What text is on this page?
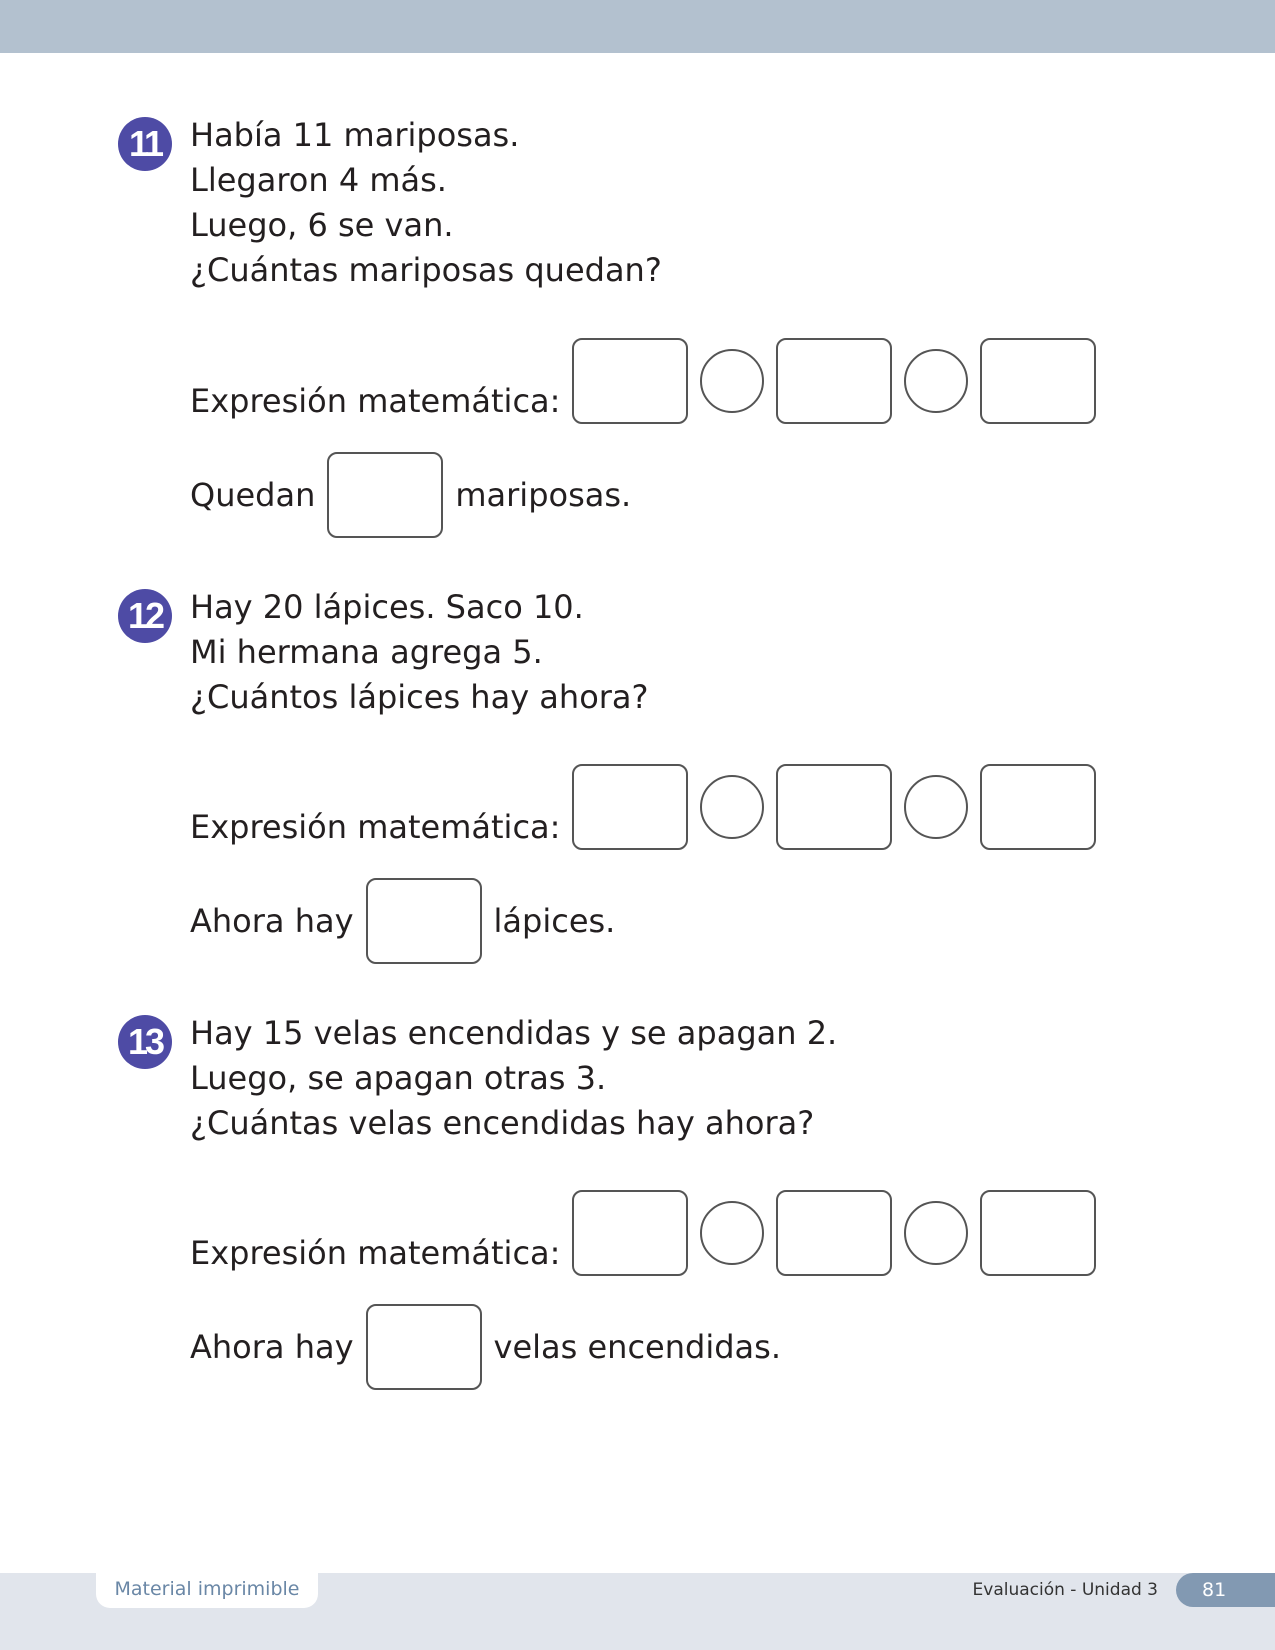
11 Había 11 mariposas.
Llegaron 4 más.
Luego, 6 se van.
¿Cuántas mariposas quedan?
Expresión matemática:
Quedan	mariposas.
12 Hay 20 lápices. Saco 10.
Mi hermana agrega 5.
¿Cuántos lápices hay ahora?
Expresión matemática:
Ahora hay	lápices.
13 Hay 15 velas encendidas y se apagan 2.
Luego, se apagan otras 3.
¿Cuántas velas encendidas hay ahora?
Expresión matemática:
Ahora hay	velas encendidas.
Material imprimible	Evaluación - Unidad 3	81
